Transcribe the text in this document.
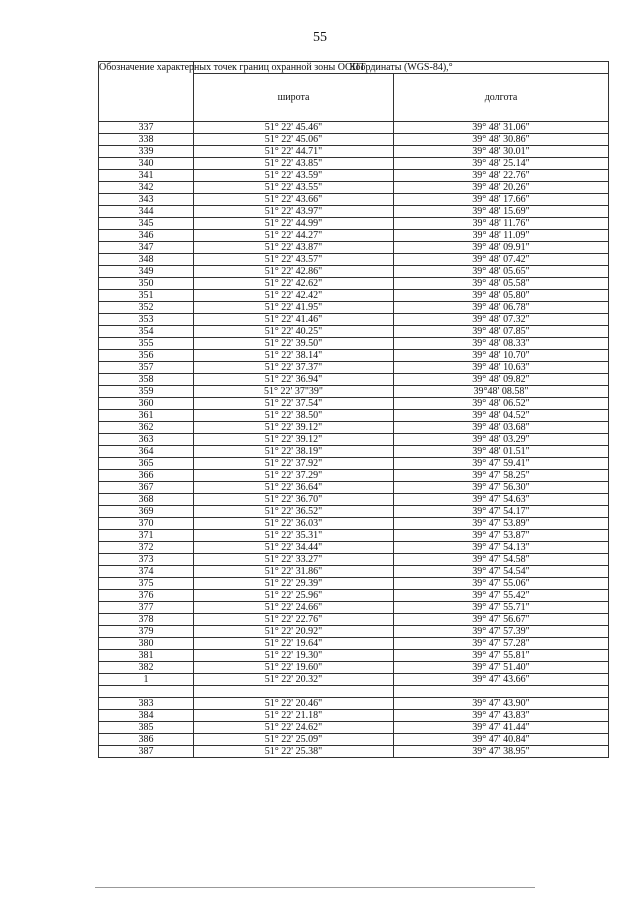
55
Обозначение характерных точек границ охранной зоны ООПТ	Координаты (WGS-84),°	
	широта	долгота
337	51° 22' 45.46"	39° 48' 31.06"
338	51° 22' 45.06"	39° 48' 30.86"
339	51° 22' 44.71"	39° 48' 30.01"
340	51° 22' 43.85"	39° 48' 25.14"
341	51° 22' 43.59"	39° 48' 22.76"
342	51° 22' 43.55"	39° 48' 20.26"
343	51° 22' 43.66"	39° 48' 17.66"
344	51° 22' 43.97"	39° 48' 15.69"
345	51° 22' 44.99"	39° 48' 11.76"
346	51° 22' 44.27"	39° 48' 11.09"
347	51° 22' 43.87"	39° 48' 09.91"
348	51° 22' 43.57"	39° 48' 07.42"
349	51° 22' 42.86"	39° 48' 05.65"
350	51° 22' 42.62"	39° 48' 05.58"
351	51° 22' 42.42"	39° 48' 05.80"
352	51° 22' 41.95"	39° 48' 06.78"
353	51° 22' 41.46"	39° 48' 07.32"
354	51° 22' 40.25"	39° 48' 07.85"
355	51° 22' 39.50"	39° 48' 08.33"
356	51° 22' 38.14"	39° 48' 10.70"
357	51° 22' 37.37"	39° 48' 10.63"
358	51° 22' 36.94"	39° 48' 09.82"
359	51° 22' 37"39"	39°48' 08.58"
360	51° 22' 37.54"	39° 48' 06.52"
361	51° 22' 38.50"	39° 48' 04.52"
362	51° 22' 39.12"	39° 48' 03.68"
363	51° 22' 39.12"	39° 48' 03.29"
364	51° 22' 38.19"	39° 48' 01.51"
365	51° 22' 37.92"	39° 47' 59.41"
366	51° 22' 37.29"	39° 47' 58.25"
367	51° 22' 36.64"	39° 47' 56.30"
368	51° 22' 36.70"	39° 47' 54.63"
369	51° 22' 36.52"	39° 47' 54.17"
370	51° 22' 36.03"	39° 47' 53.89"
371	51° 22' 35.31"	39° 47' 53.87"
372	51° 22' 34.44"	39° 47' 54.13"
373	51° 22' 33.27"	39° 47' 54.58"
374	51° 22' 31.86"	39° 47' 54.54"
375	51° 22' 29.39"	39° 47' 55.06"
376	51° 22' 25.96"	39° 47' 55.42"
377	51° 22' 24.66"	39° 47' 55.71"
378	51° 22' 22.76"	39° 47' 56.67"
379	51° 22' 20.92"	39° 47' 57.39"
380	51° 22' 19.64"	39° 47' 57.28"
381	51° 22' 19.30"	39° 47' 55.81"
382	51° 22' 19.60"	39° 47' 51.40"
1	51° 22' 20.32"	39° 47' 43.66"

383	51° 22' 20.46"	39° 47' 43.90"
384	51° 22' 21.18"	39° 47' 43.83"
385	51° 22' 24.62"	39° 47' 41.44"
386	51° 22' 25.09"	39° 47' 40.84"
387	51° 22' 25.38"	39° 47' 38.95"
